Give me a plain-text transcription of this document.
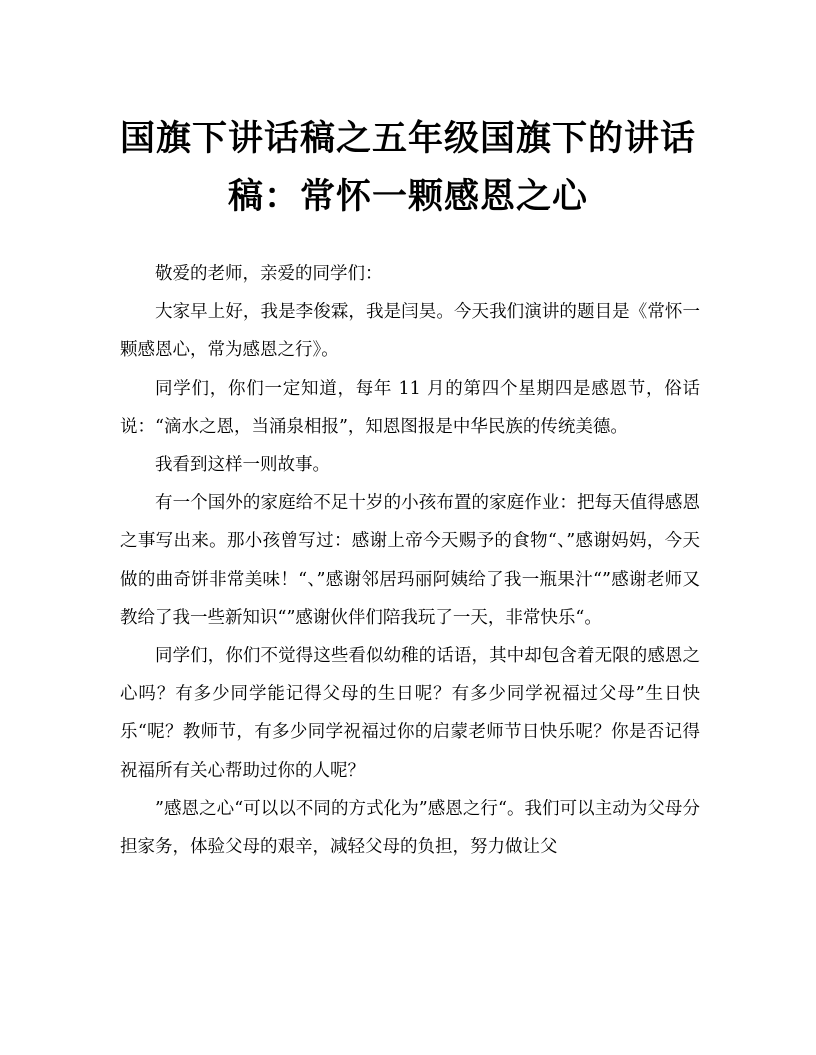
国旗下讲话稿之五年级国旗下的讲话
稿：常怀一颗感恩之心

敬爱的老师，亲爱的同学们：

大家早上好，我是李俊霖，我是闫昊。今天我们演讲的题目是《常怀一颗感恩心，常为感恩之行》。

同学们，你们一定知道，每年 11 月的第四个星期四是感恩节，俗话说：“滴水之恩，当涌泉相报”，知恩图报是中华民族的传统美德。

我看到这样一则故事。

有一个国外的家庭给不足十岁的小孩布置的家庭作业：把每天值得感恩之事写出来。那小孩曾写过：感谢上帝今天赐予的食物“、”感谢妈妈，今天做的曲奇饼非常美味！“、”感谢邻居玛丽阿姨给了我一瓶果汁“”感谢老师又教给了我一些新知识“”感谢伙伴们陪我玩了一天，非常快乐“。

同学们，你们不觉得这些看似幼稚的话语，其中却包含着无限的感恩之心吗？有多少同学能记得父母的生日呢？有多少同学祝福过父母”生日快乐“呢？教师节，有多少同学祝福过你的启蒙老师节日快乐呢？你是否记得祝福所有关心帮助过你的人呢？

”感恩之心“可以以不同的方式化为”感恩之行“。我们可以主动为父母分担家务，体验父母的艰辛，减轻父母的负担，努力做让父
